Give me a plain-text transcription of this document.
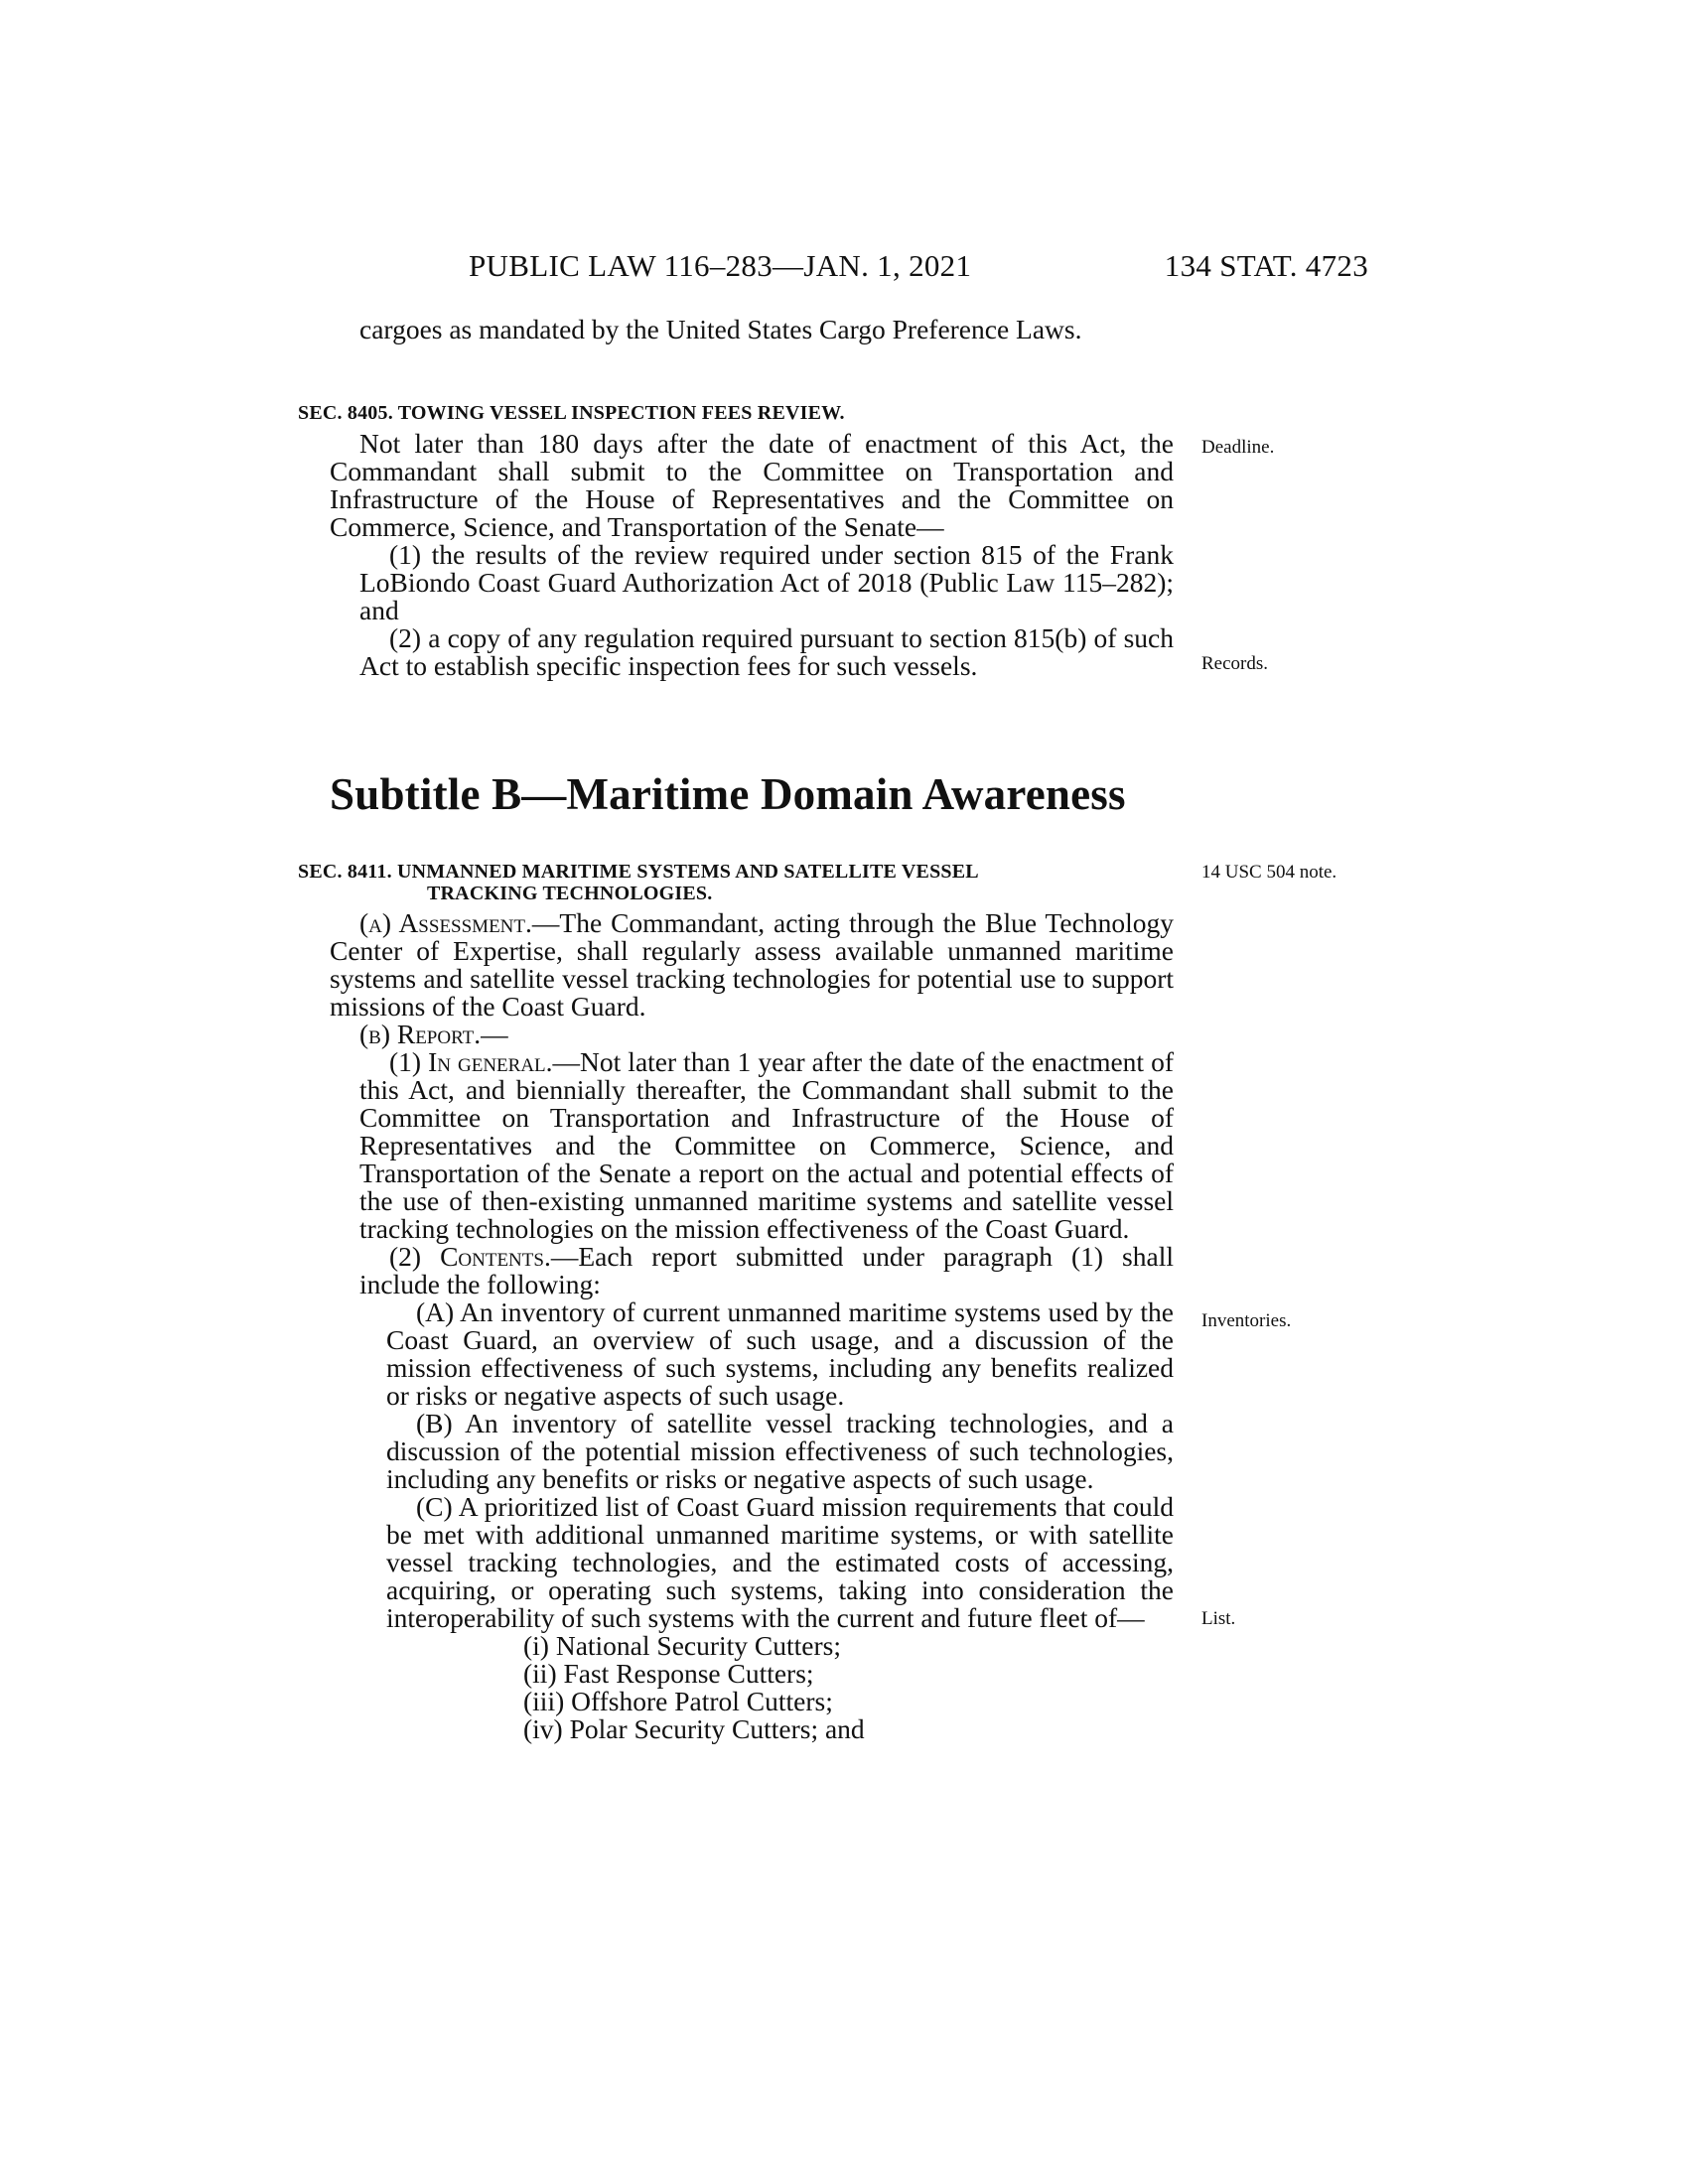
PUBLIC LAW 116–283—JAN. 1, 2021	134 STAT. 4723

cargoes as mandated by the United States Cargo Preference Laws.

SEC. 8405. TOWING VESSEL INSPECTION FEES REVIEW.

Not later than 180 days after the date of enactment of this Act, the Commandant shall submit to the Committee on Transportation and Infrastructure of the House of Representatives and the Committee on Commerce, Science, and Transportation of the Senate—

(1) the results of the review required under section 815 of the Frank LoBiondo Coast Guard Authorization Act of 2018 (Public Law 115–282); and

(2) a copy of any regulation required pursuant to section 815(b) of such Act to establish specific inspection fees for such vessels.

Subtitle B—Maritime Domain Awareness
SEC. 8411. UNMANNED MARITIME SYSTEMS AND SATELLITE VESSEL
TRACKING TECHNOLOGIES.

(a) Assessment.—The Commandant, acting through the Blue Technology Center of Expertise, shall regularly assess available unmanned maritime systems and satellite vessel tracking technologies for potential use to support missions of the Coast Guard.

(b) Report.—

(1) In general.—Not later than 1 year after the date of the enactment of this Act, and biennially thereafter, the Commandant shall submit to the Committee on Transportation and Infrastructure of the House of Representatives and the Committee on Commerce, Science, and Transportation of the Senate a report on the actual and potential effects of the use of then-existing unmanned maritime systems and satellite vessel tracking technologies on the mission effectiveness of the Coast Guard.

(2) Contents.—Each report submitted under paragraph (1) shall include the following:

(A) An inventory of current unmanned maritime systems used by the Coast Guard, an overview of such usage, and a discussion of the mission effectiveness of such systems, including any benefits realized or risks or negative aspects of such usage.

(B) An inventory of satellite vessel tracking technologies, and a discussion of the potential mission effectiveness of such technologies, including any benefits or risks or negative aspects of such usage.

(C) A prioritized list of Coast Guard mission requirements that could be met with additional unmanned maritime systems, or with satellite vessel tracking technologies, and the estimated costs of accessing, acquiring, or operating such systems, taking into consideration the interoperability of such systems with the current and future fleet of—

(i) National Security Cutters;
(ii) Fast Response Cutters;
(iii) Offshore Patrol Cutters;
(iv) Polar Security Cutters; and
Deadline.
Records.
14 USC 504 note.
Inventories.
List.
